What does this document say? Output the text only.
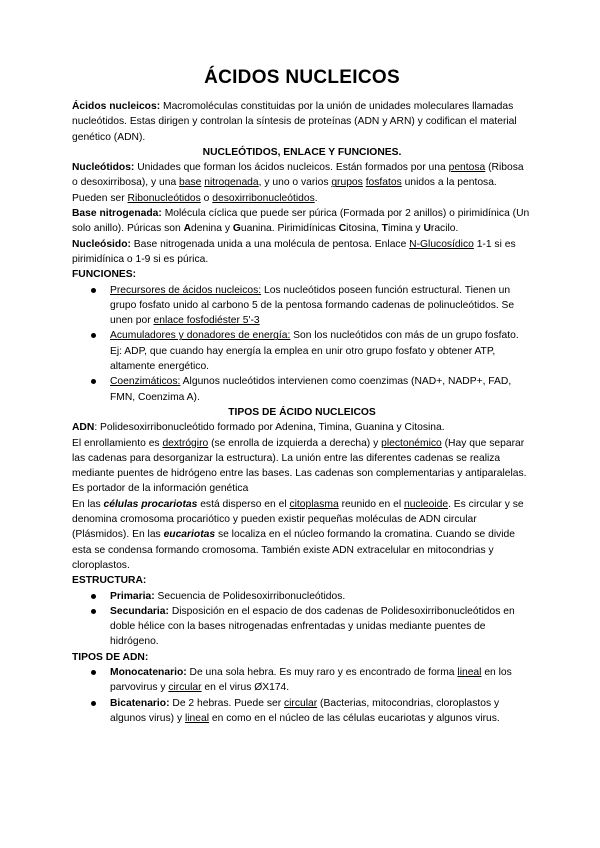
ÁCIDOS NUCLEICOS

Ácidos nucleicos: Macromoléculas constituidas por la unión de unidades moleculares llamadas nucleótidos. Estas dirigen y controlan la síntesis de proteínas (ADN y ARN) y codifican el material genético (ADN).

NUCLEÓTIDOS, ENLACE Y FUNCIONES.

Nucleótidos: Unidades que forman los ácidos nucleicos. Están formados por una pentosa (Ribosa o desoxirribosa), y una base nitrogenada, y uno o varios grupos fosfatos unidos a la pentosa. Pueden ser Ribonucleótidos o desoxirribonucleótidos.

Base nitrogenada: Molécula cíclica que puede ser púrica (Formada por 2 anillos) o pirimidínica (Un solo anillo). Púricas son Adenina y Guanina. Pirimidínicas Citosina, Timina y Uracilo.

Nucleósido: Base nitrogenada unida a una molécula de pentosa. Enlace N-Glucosídico 1-1 si es pirimidínica o 1-9 si es púrica.

FUNCIONES:
Precursores de ácidos nucleicos: Los nucleótidos poseen función estructural. Tienen un grupo fosfato unido al carbono 5 de la pentosa formando cadenas de polinucleótidos. Se unen por enlace fosfodiéster 5'-3
Acumuladores y donadores de energía: Son los nucleótidos con más de un grupo fosfato. Ej: ADP, que cuando hay energía la emplea en unir otro grupo fosfato y obtener ATP, altamente energético.
Coenzimáticos: Algunos nucleótidos intervienen como coenzimas (NAD+, NADP+, FAD, FMN, Coenzima A).
TIPOS DE ÁCIDO NUCLEICOS

ADN: Polidesoxirribonucleótido formado por Adenina, Timina, Guanina y Citosina.

El enrollamiento es dextrógiro (se enrolla de izquierda a derecha) y plectonémico (Hay que separar las cadenas para desorganizar la estructura). La unión entre las diferentes cadenas se realiza mediante puentes de hidrógeno entre las bases. Las cadenas son complementarias y antiparalelas. Es portador de la información genética

En las células procariotas está disperso en el citoplasma reunido en el nucleoide. Es circular y se denomina cromosoma procariótico y pueden existir pequeñas moléculas de ADN circular (Plásmidos). En las eucariotas se localiza en el núcleo formando la cromatina. Cuando se divide esta se condensa formando cromosoma. También existe ADN extracelular en mitocondrias y cloroplastos.

ESTRUCTURA:
Primaria: Secuencia de Polidesoxirribonucleótidos.
Secundaria: Disposición en el espacio de dos cadenas de Polidesoxirribonucleótidos en doble hélice con la bases nitrogenadas enfrentadas y unidas mediante puentes de hidrógeno.
TIPOS DE ADN:
Monocatenario: De una sola hebra. Es muy raro y es encontrado de forma lineal en los parvovirus y circular en el virus ØX174.
Bicatenario: De 2 hebras. Puede ser circular (Bacterias, mitocondrias, cloroplastos y algunos virus) y lineal en como en el núcleo de las células eucariotas y algunos virus.
